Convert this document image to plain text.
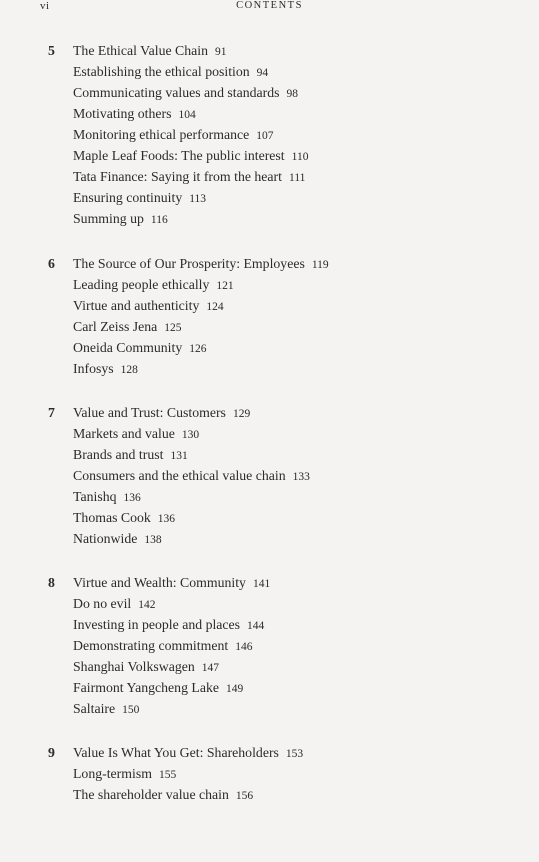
vi	CONTENTS
5	The Ethical Value Chain 91
Establishing the ethical position 94
Communicating values and standards 98
Motivating others 104
Monitoring ethical performance 107
Maple Leaf Foods: The public interest 110
Tata Finance: Saying it from the heart 111
Ensuring continuity 113
Summing up 116
6	The Source of Our Prosperity: Employees 119
Leading people ethically 121
Virtue and authenticity 124
Carl Zeiss Jena 125
Oneida Community 126
Infosys 128
7	Value and Trust: Customers 129
Markets and value 130
Brands and trust 131
Consumers and the ethical value chain 133
Tanishq 136
Thomas Cook 136
Nationwide 138
8	Virtue and Wealth: Community 141
Do no evil 142
Investing in people and places 144
Demonstrating commitment 146
Shanghai Volkswagen 147
Fairmont Yangcheng Lake 149
Saltaire 150
9	Value Is What You Get: Shareholders 153
Long-termism 155
The shareholder value chain 156
